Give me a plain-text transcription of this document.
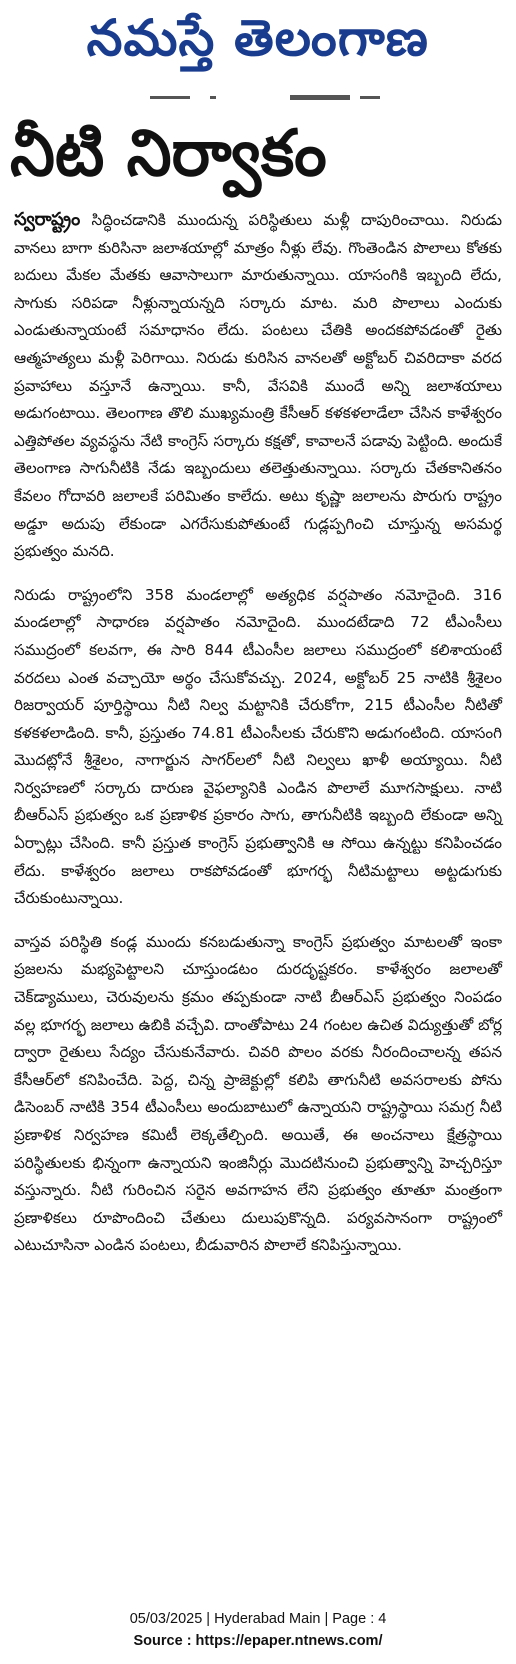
నమస్తే తెలంగాణ
నీటి నిర్వాకం

స్వరాష్ట్రం సిద్ధించడానికి ముందున్న పరిస్థితులు మళ్లీ దాపురించాయి. నిరుడు వానలు బాగా కురిసినా జలాశయాల్లో మాత్రం నీళ్లు లేవు. గొంతెండిన పొలాలు కోతకు బదులు మేకల మేతకు ఆవాసాలుగా మారుతున్నాయి. యాసంగికి ఇబ్బంది లేదు, సాగుకు సరిపడా నీళ్లున్నాయన్నది సర్కారు మాట. మరి పొలాలు ఎందుకు ఎండుతున్నాయంటే సమాధానం లేదు. పంటలు చేతికి అందకపోవడంతో రైతు ఆత్మహత్యలు మళ్లీ పెరిగాయి. నిరుడు కురిసిన వానలతో అక్టోబర్ చివరిదాకా వరద ప్రవాహాలు వస్తూనే ఉన్నాయి. కానీ, వేసవికి ముందే అన్ని జలాశయాలు అడుగంటాయి. తెలంగాణ తొలి ముఖ్యమంత్రి కేసీఆర్ కళకళలాడేలా చేసిన కాళేశ్వరం ఎత్తిపోతల వ్యవస్థను నేటి కాంగ్రెస్ సర్కారు కక్షతో, కావాలనే పడావు పెట్టింది. అందుకే తెలంగాణ సాగునీటికి నేడు ఇబ్బందులు తలెత్తుతున్నాయి. సర్కారు చేతకానితనం కేవలం గోదావరి జలాలకే పరిమితం కాలేదు. అటు కృష్ణా జలాలను పొరుగు రాష్ట్రం అడ్డూ అదుపు లేకుండా ఎగరేసుకుపోతుంటే గుడ్లప్పగించి చూస్తున్న అసమర్థ ప్రభుత్వం మనది.

నిరుడు రాష్ట్రంలోని 358 మండలాల్లో అత్యధిక వర్షపాతం నమోదైంది. 316 మండలాల్లో సాధారణ వర్షపాతం నమోదైంది. ముందటేడాది 72 టీఎంసీలు సముద్రంలో కలవగా, ఈ సారి 844 టీఎంసీల జలాలు సముద్రంలో కలిశాయంటే వరదలు ఎంత వచ్చాయో అర్థం చేసుకోవచ్చు. 2024, అక్టోబర్ 25 నాటికి శ్రీశైలం రిజర్వాయర్ పూర్తిస్థాయి నీటి నిల్వ మట్టానికి చేరుకోగా, 215 టీఎంసీల నీటితో కళకళలాడింది. కానీ, ప్రస్తుతం 74.81 టీఎంసీలకు చేరుకొని అడుగంటింది. యాసంగి మొదట్లోనే శ్రీశైలం, నాగార్జున సాగర్‌లలో నీటి నిల్వలు ఖాళీ అయ్యాయి. నీటి నిర్వహణలో సర్కారు దారుణ వైఫల్యానికి ఎండిన పొలాలే మూగసాక్షులు. నాటి బీఆర్‌ఎస్ ప్రభుత్వం ఒక ప్రణాళిక ప్రకారం సాగు, తాగునీటికి ఇబ్బంది లేకుండా అన్ని ఏర్పాట్లు చేసింది. కానీ ప్రస్తుత కాంగ్రెస్ ప్రభుత్వానికి ఆ సోయి ఉన్నట్టు కనిపించడం లేదు. కాళేశ్వరం జలాలు రాకపోవడంతో భూగర్భ నీటిమట్టాలు అట్టడుగుకు చేరుకుంటున్నాయి.

వాస్తవ పరిస్థితి కండ్ల ముందు కనబడుతున్నా కాంగ్రెస్ ప్రభుత్వం మాటలతో ఇంకా ప్రజలను మభ్యపెట్టాలని చూస్తుండటం దురదృష్టకరం. కాళేశ్వరం జలాలతో చెక్‌డ్యాములు, చెరువులను క్రమం తప్పకుండా నాటి బీఆర్‌ఎస్ ప్రభుత్వం నింపడం వల్ల భూగర్భ జలాలు ఉబికి వచ్చేవి. దాంతోపాటు 24 గంటల ఉచిత విద్యుత్తుతో బోర్ల ద్వారా రైతులు సేద్యం చేసుకునేవారు. చివరి పొలం వరకు నీరందించాలన్న తపన కేసీఆర్‌లో కనిపించేది. పెద్ద, చిన్న ప్రాజెక్టుల్లో కలిపి తాగునీటి అవసరాలకు పోను డిసెంబర్ నాటికి 354 టీఎంసీలు అందుబాటులో ఉన్నాయని రాష్ట్రస్థాయి సమగ్ర నీటి ప్రణాళిక నిర్వహణ కమిటీ లెక్కతేల్చింది. అయితే, ఈ అంచనాలు క్షేత్రస్థాయి పరిస్థితులకు భిన్నంగా ఉన్నాయని ఇంజినీర్లు మొదటినుంచి ప్రభుత్వాన్ని హెచ్చరిస్తూ వస్తున్నారు. నీటి గురించిన సరైన అవగాహన లేని ప్రభుత్వం తూతూ మంత్రంగా ప్రణాళికలు రూపొందించి చేతులు దులుపుకొన్నది. పర్యవసానంగా రాష్ట్రంలో ఎటుచూసినా ఎండిన పంటలు, బీడువారిన పొలాలే కనిపిస్తున్నాయి.

05/03/2025 | Hyderabad Main | Page : 4
Source : https://epaper.ntnews.com/
